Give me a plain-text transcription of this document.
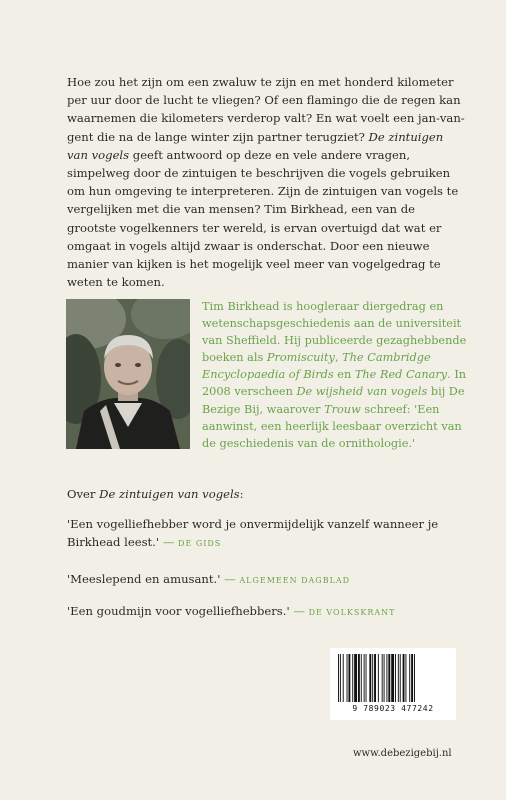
Hoe zou het zijn om een zwaluw te zijn en met honderd kilometer per uur door de lucht te vliegen? Of een flamingo die de regen kan waarnemen die kilometers verderop valt? En wat voelt een jan-van-gent die na de lange winter zijn partner terugziet? De zintuigen van vogels geeft antwoord op deze en vele andere vragen, simpelweg door de zintuigen te beschrijven die vogels gebruiken om hun omgeving te interpreteren. Zijn de zintuigen van vogels te vergelijken met die van mensen? Tim Birkhead, een van de grootste vogelkenners ter wereld, is ervan overtuigd dat wat er omgaat in vogels altijd zwaar is onderschat. Door een nieuwe manier van kijken is het mogelijk veel meer van vogelgedrag te weten te komen.

Tim Birkhead is hoogleraar diergedrag en wetenschapsgeschiedenis aan de universiteit van Sheffield. Hij publiceerde gezaghebbende boeken als Promiscuity, The Cambridge Encyclopaedia of Birds en The Red Canary. In 2008 verscheen De wijsheid van vogels bij De Bezige Bij, waarover Trouw schreef: 'Een aanwinst, een heerlijk leesbaar overzicht van de geschiedenis van de ornithologie.'

Over De zintuigen van vogels:
'Een vogelliefhebber word je onvermijdelijk vanzelf wanneer je Birkhead leest.' — DE GIDS
'Meeslepend en amusant.' — ALGEMEEN DAGBLAD
'Een goudmijn voor vogelliefhebbers.' — DE VOLKSKRANT
9 789023 477242
www.debezigebij.nl
